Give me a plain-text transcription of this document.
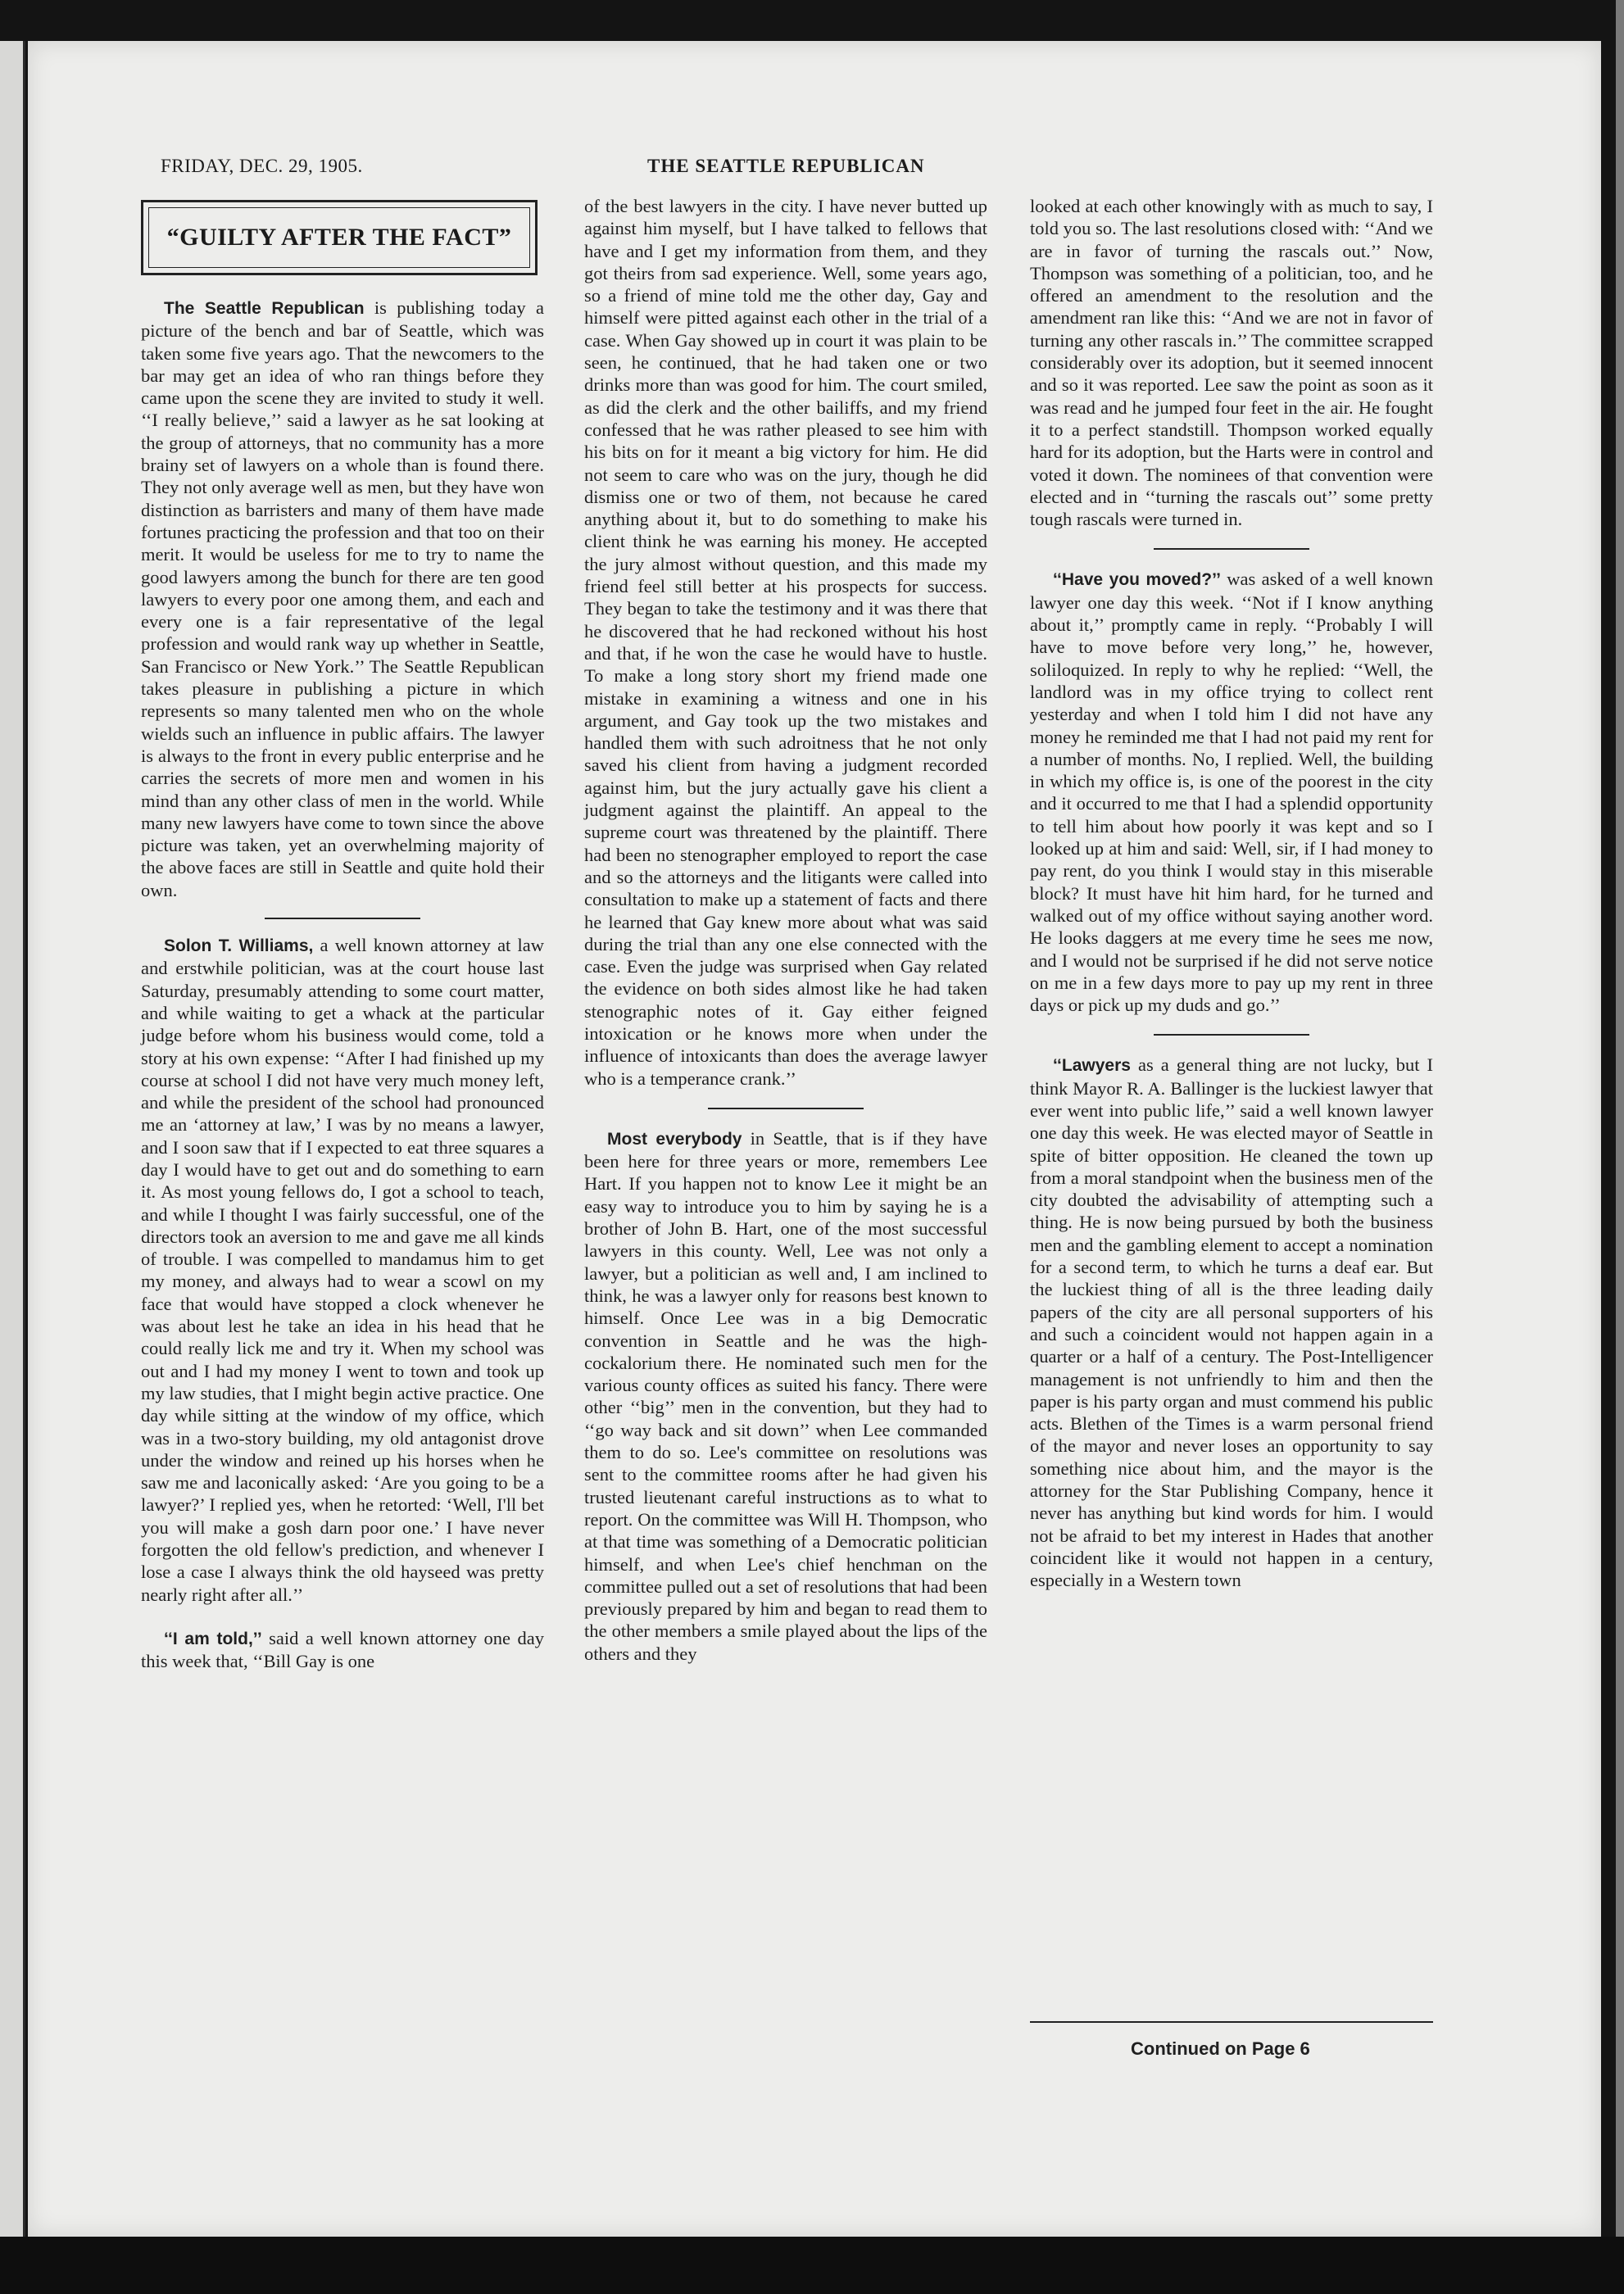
FRIDAY, DEC. 29, 1905.	THE SEATTLE REPUBLICAN
“GUILTY AFTER THE FACT”

The Seattle Republican is publishing today a picture of the bench and bar of Seattle, which was taken some five years ago. That the newcomers to the bar may get an idea of who ran things before they came upon the scene they are invited to study it well. ‘‘I really believe,’’ said a lawyer as he sat looking at the group of attorneys, that no community has a more brainy set of lawyers on a whole than is found there. They not only average well as men, but they have won distinction as barristers and many of them have made fortunes practicing the profession and that too on their merit. It would be useless for me to try to name the good lawyers among the bunch for there are ten good lawyers to every poor one among them, and each and every one is a fair representative of the legal profession and would rank way up whether in Seattle, San Francisco or New York.’’ The Seattle Republican takes pleasure in publishing a picture in which represents so many talented men who on the whole wields such an influence in public affairs. The lawyer is always to the front in every public enterprise and he carries the secrets of more men and women in his mind than any other class of men in the world. While many new lawyers have come to town since the above picture was taken, yet an overwhelming majority of the above faces are still in Seattle and quite hold their own.

Solon T. Williams, a well known attorney at law and erstwhile politician, was at the court house last Saturday, presumably attending to some court matter, and while waiting to get a whack at the particular judge before whom his business would come, told a story at his own expense: ‘‘After I had finished up my course at school I did not have very much money left, and while the president of the school had pronounced me an ‘attorney at law,’ I was by no means a lawyer, and I soon saw that if I expected to eat three squares a day I would have to get out and do something to earn it. As most young fellows do, I got a school to teach, and while I thought I was fairly successful, one of the directors took an aversion to me and gave me all kinds of trouble. I was compelled to mandamus him to get my money, and always had to wear a scowl on my face that would have stopped a clock whenever he was about lest he take an idea in his head that he could really lick me and try it. When my school was out and I had my money I went to town and took up my law studies, that I might begin active practice. One day while sitting at the window of my office, which was in a two-story building, my old antagonist drove under the window and reined up his horses when he saw me and laconically asked: ‘Are you going to be a lawyer?’ I replied yes, when he retorted: ‘Well, I'll bet you will make a gosh darn poor one.’ I have never forgotten the old fellow's prediction, and whenever I lose a case I always think the old hayseed was pretty nearly right after all.’’

‘‘I am told,’’ said a well known attorney one day this week that, ‘‘Bill Gay is one

of the best lawyers in the city. I have never butted up against him myself, but I have talked to fellows that have and I get my information from them, and they got theirs from sad experience. Well, some years ago, so a friend of mine told me the other day, Gay and himself were pitted against each other in the trial of a case. When Gay showed up in court it was plain to be seen, he continued, that he had taken one or two drinks more than was good for him. The court smiled, as did the clerk and the other bailiffs, and my friend confessed that he was rather pleased to see him with his bits on for it meant a big victory for him. He did not seem to care who was on the jury, though he did dismiss one or two of them, not because he cared anything about it, but to do something to make his client think he was earning his money. He accepted the jury almost without question, and this made my friend feel still better at his prospects for success. They began to take the testimony and it was there that he discovered that he had reckoned without his host and that, if he won the case he would have to hustle. To make a long story short my friend made one mistake in examining a witness and one in his argument, and Gay took up the two mistakes and handled them with such adroitness that he not only saved his client from having a judgment recorded against him, but the jury actually gave his client a judgment against the plaintiff. An appeal to the supreme court was threatened by the plaintiff. There had been no stenographer employed to report the case and so the attorneys and the litigants were called into consultation to make up a statement of facts and there he learned that Gay knew more about what was said during the trial than any one else connected with the case. Even the judge was surprised when Gay related the evidence on both sides almost like he had taken stenographic notes of it. Gay either feigned intoxication or he knows more when under the influence of intoxicants than does the average lawyer who is a temperance crank.’’

Most everybody in Seattle, that is if they have been here for three years or more, remembers Lee Hart. If you happen not to know Lee it might be an easy way to introduce you to him by saying he is a brother of John B. Hart, one of the most successful lawyers in this county. Well, Lee was not only a lawyer, but a politician as well and, I am inclined to think, he was a lawyer only for reasons best known to himself. Once Lee was in a big Democratic convention in Seattle and he was the high-cockalorium there. He nominated such men for the various county offices as suited his fancy. There were other ‘‘big’’ men in the convention, but they had to ‘‘go way back and sit down’’ when Lee commanded them to do so. Lee's committee on resolutions was sent to the committee rooms after he had given his trusted lieutenant careful instructions as to what to report. On the committee was Will H. Thompson, who at that time was something of a Democratic politician himself, and when Lee's chief henchman on the committee pulled out a set of resolutions that had been previously prepared by him and began to read them to the other members a smile played about the lips of the others and they

looked at each other knowingly with as much to say, I told you so. The last resolutions closed with: ‘‘And we are in favor of turning the rascals out.’’ Now, Thompson was something of a politician, too, and he offered an amendment to the resolution and the amendment ran like this: ‘‘And we are not in favor of turning any other rascals in.’’ The committee scrapped considerably over its adoption, but it seemed innocent and so it was reported. Lee saw the point as soon as it was read and he jumped four feet in the air. He fought it to a perfect standstill. Thompson worked equally hard for its adoption, but the Harts were in control and voted it down. The nominees of that convention were elected and in ‘‘turning the rascals out’’ some pretty tough rascals were turned in.

‘‘Have you moved?’’ was asked of a well known lawyer one day this week. ‘‘Not if I know anything about it,’’ promptly came in reply. ‘‘Probably I will have to move before very long,’’ he, however, soliloquized. In reply to why he replied: ‘‘Well, the landlord was in my office trying to collect rent yesterday and when I told him I did not have any money he reminded me that I had not paid my rent for a number of months. No, I replied. Well, the building in which my office is, is one of the poorest in the city and it occurred to me that I had a splendid opportunity to tell him about how poorly it was kept and so I looked up at him and said: Well, sir, if I had money to pay rent, do you think I would stay in this miserable block? It must have hit him hard, for he turned and walked out of my office without saying another word. He looks daggers at me every time he sees me now, and I would not be surprised if he did not serve notice on me in a few days more to pay up my rent in three days or pick up my duds and go.’’

‘‘Lawyers as a general thing are not lucky, but I think Mayor R. A. Ballinger is the luckiest lawyer that ever went into public life,’’ said a well known lawyer one day this week. He was elected mayor of Seattle in spite of bitter opposition. He cleaned the town up from a moral standpoint when the business men of the city doubted the advisability of attempting such a thing. He is now being pursued by both the business men and the gambling element to accept a nomination for a second term, to which he turns a deaf ear. But the luckiest thing of all is the three leading daily papers of the city are all personal supporters of his and such a coincident would not happen again in a quarter or a half of a century. The Post-Intelligencer management is not unfriendly to him and then the paper is his party organ and must commend his public acts. Blethen of the Times is a warm personal friend of the mayor and never loses an opportunity to say something nice about him, and the mayor is the attorney for the Star Publishing Company, hence it never has anything but kind words for him. I would not be afraid to bet my interest in Hades that another coincident like it would not happen in a century, especially in a Western town

Continued on Page 6
